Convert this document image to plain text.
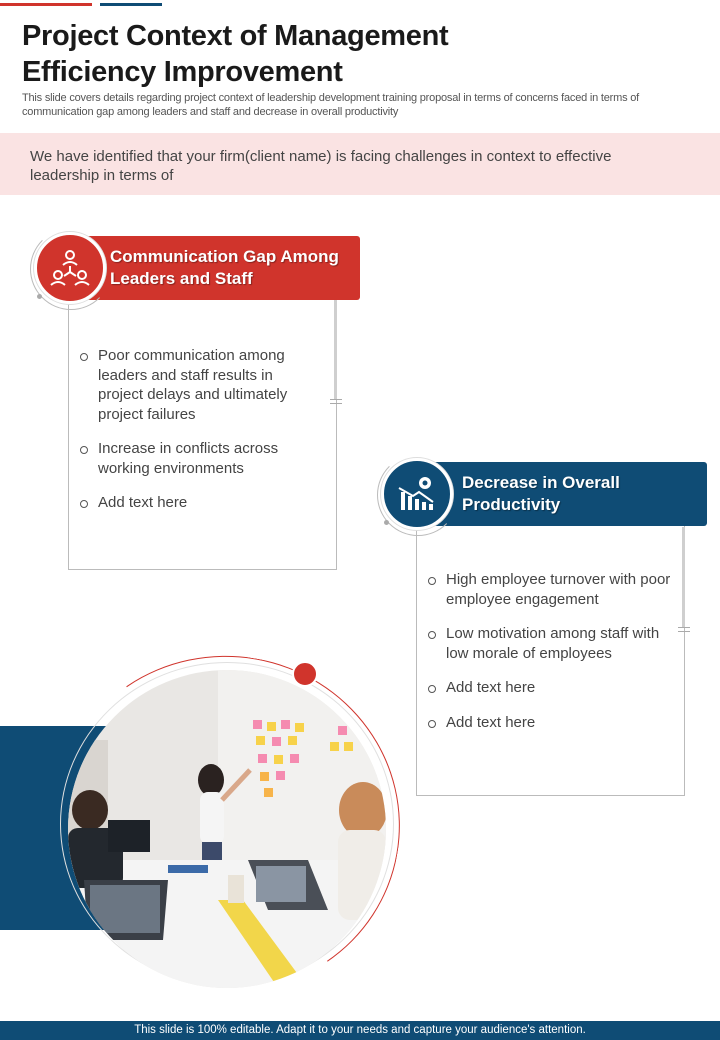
Project Context of Management Efficiency Improvement

This slide covers details regarding project context of leadership development training proposal in terms of concerns faced in terms of communication gap among leaders and staff and decrease in overall productivity

We have identified that your firm(client name) is facing challenges in context to effective leadership in terms of

Communication Gap Among Leaders and Staff
Poor communication among leaders and staff results in project delays and ultimately project failures
Increase in conflicts across working environments
Add text here
Decrease in Overall Productivity
High employee turnover with poor employee engagement
Low motivation among staff with low morale of employees
Add text here
Add text here
This slide is 100% editable. Adapt it to your needs and capture your audience's attention.
